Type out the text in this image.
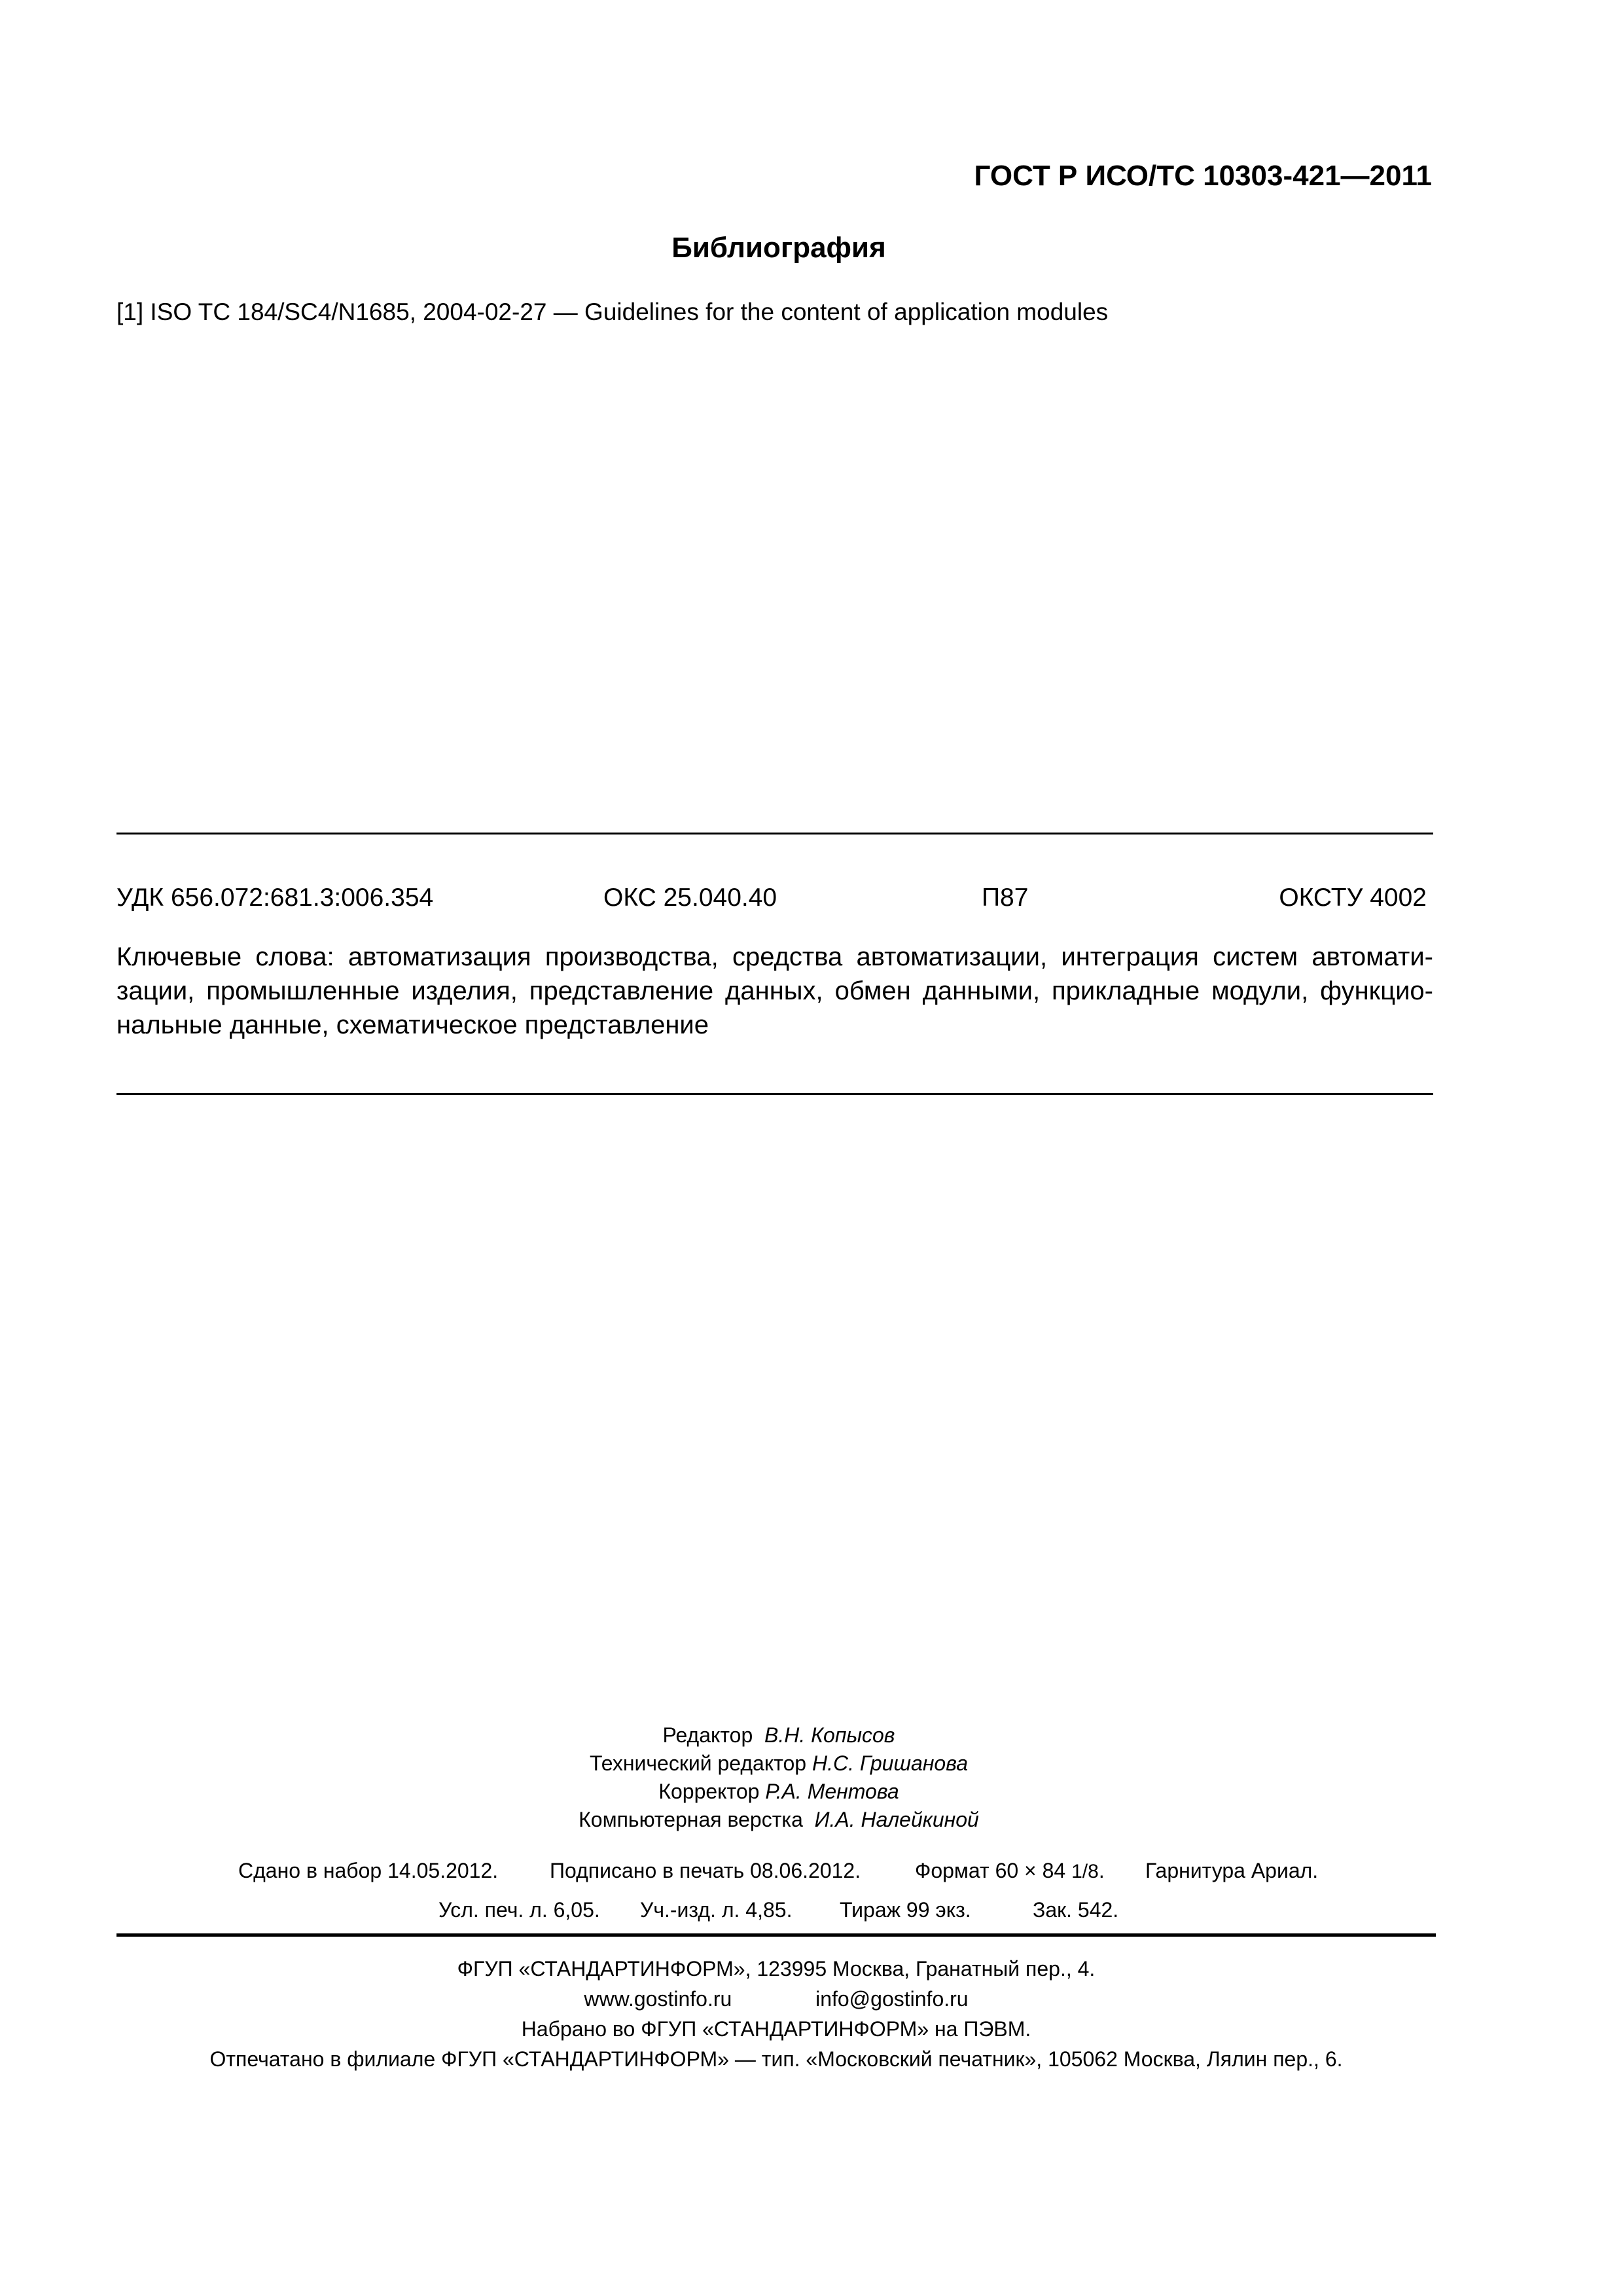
ГОСТ Р ИСО/ТС 10303-421—2011
Библиография
[1] ISO TC 184/SC4/N1685, 2004-02-27 — Guidelines for the content of application modules
УДК 656.072:681.3:006.354	ОКС 25.040.40	П87	ОКСТУ 4002
Ключевые слова: автоматизация производства, средства автоматизации, интеграция систем автомати-
зации, промышленные изделия, представление данных, обмен данными, прикладные модули, функцио-
нальные данные, схематическое представление
Редактор В.Н. Копысов
Технический редактор Н.С. Гришанова
Корректор Р.А. Ментова
Компьютерная верстка И.А. Налейкиной
Сдано в набор 14.05.2012. Подписано в печать 08.06.2012.	Формат 60 × 84 1/8. Гарнитура Ариал.
Усл. печ. л. 6,05. Уч.-изд. л. 4,85. Тираж 99 экз.	Зак. 542.
ФГУП «СТАНДАРТИНФОРМ», 123995 Москва, Гранатный пер., 4.
www.gostinfo.ru	info@gostinfo.ru
Набрано во ФГУП «СТАНДАРТИНФОРМ» на ПЭВМ.
Отпечатано в филиале ФГУП «СТАНДАРТИНФОРМ» — тип. «Московский печатник», 105062 Москва, Лялин пер., 6.
